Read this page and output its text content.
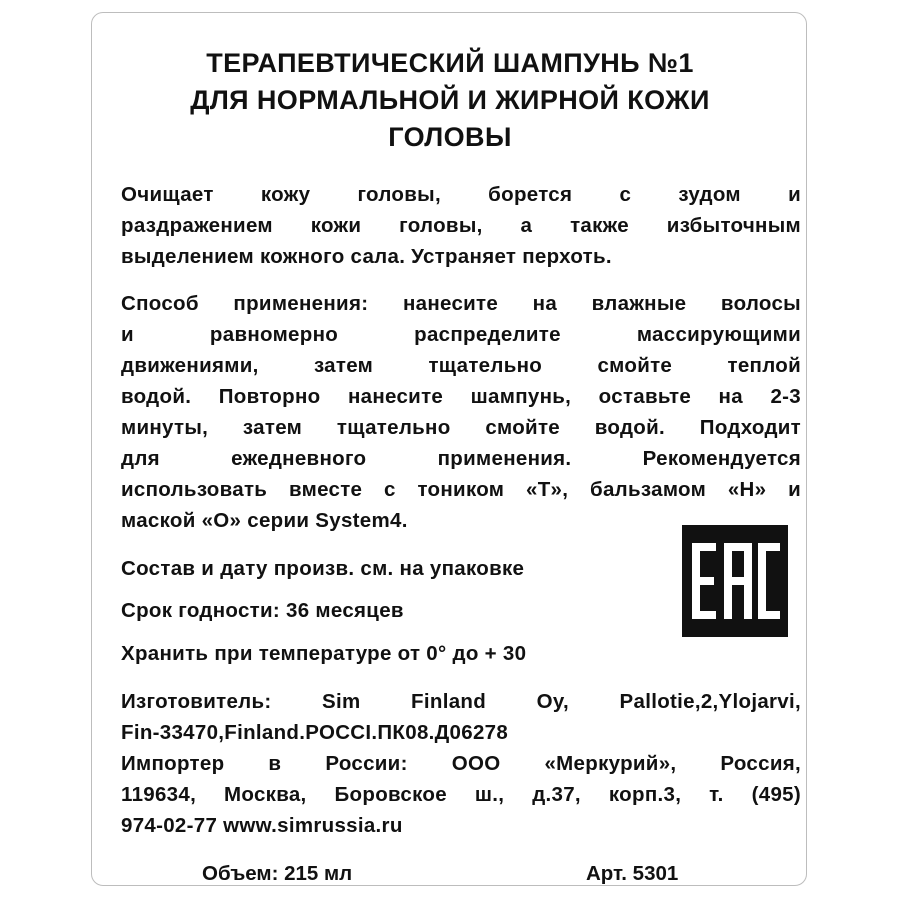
ТЕРАПЕВТИЧЕСКИЙ ШАМПУНЬ №1
ДЛЯ НОРМАЛЬНОЙ И ЖИРНОЙ КОЖИ
ГОЛОВЫ
Очищает кожу головы, борется с зудом и
раздражением кожи головы, а также избыточным
выделением кожного сала. Устраняет перхоть.
Способ применения: нанесите на влажные волосы
и равномерно распределите массирующими
движениями, затем тщательно смойте теплой
водой. Повторно нанесите шампунь, оставьте на 2-3
минуты, затем тщательно смойте водой. Подходит
для ежедневного применения. Рекомендуется
использовать вместе с тоником «Т», бальзамом «Н» и
маской «О» серии System4.
Состав и дату произв. см. на упаковке
Срок годности: 36 месяцев
Хранить при температуре от 0° до + 30
Изготовитель: Sim Finland Oy, Pallotie,2,Ylojarvi,
Fin-33470,Finland.РОССI.ПК08.Д06278
Импортер в России: ООО «Меркурий», Россия,
119634, Москва, Боровское ш., д.37, корп.3, т. (495)
974-02-77 www.simrussia.ru
Объем: 215 мл	Арт. 5301
